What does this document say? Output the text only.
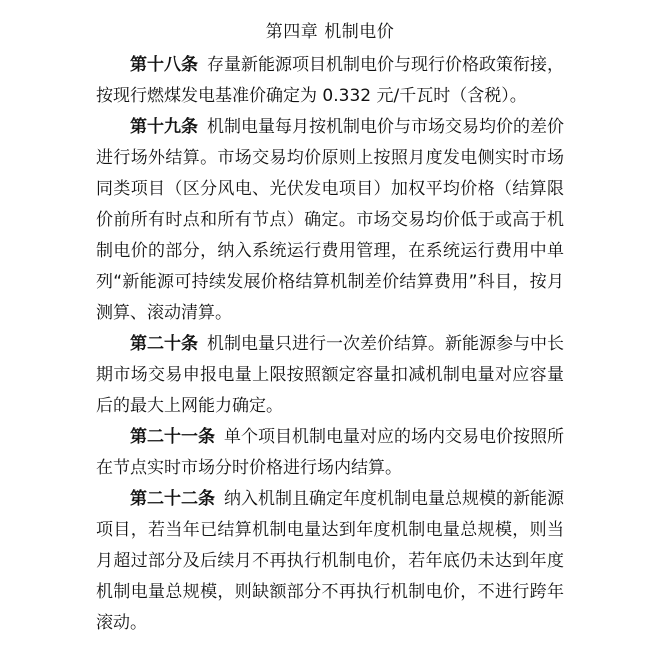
第四章 机制电价

第十八条 存量新能源项目机制电价与现行价格政策衔接，按现行燃煤发电基准价确定为 0.332 元/千瓦时（含税）。

第十九条 机制电量每月按机制电价与市场交易均价的差价进行场外结算。市场交易均价原则上按照月度发电侧实时市场同类项目（区分风电、光伏发电项目）加权平均价格（结算限价前所有时点和所有节点）确定。市场交易均价低于或高于机制电价的部分，纳入系统运行费用管理，在系统运行费用中单列“新能源可持续发展价格结算机制差价结算费用”科目，按月测算、滚动清算。

第二十条 机制电量只进行一次差价结算。新能源参与中长期市场交易申报电量上限按照额定容量扣减机制电量对应容量后的最大上网能力确定。

第二十一条 单个项目机制电量对应的场内交易电价按照所在节点实时市场分时价格进行场内结算。

第二十二条 纳入机制且确定年度机制电量总规模的新能源项目，若当年已结算机制电量达到年度机制电量总规模，则当月超过部分及后续月不再执行机制电价，若年底仍未达到年度机制电量总规模，则缺额部分不再执行机制电价，不进行跨年滚动。
